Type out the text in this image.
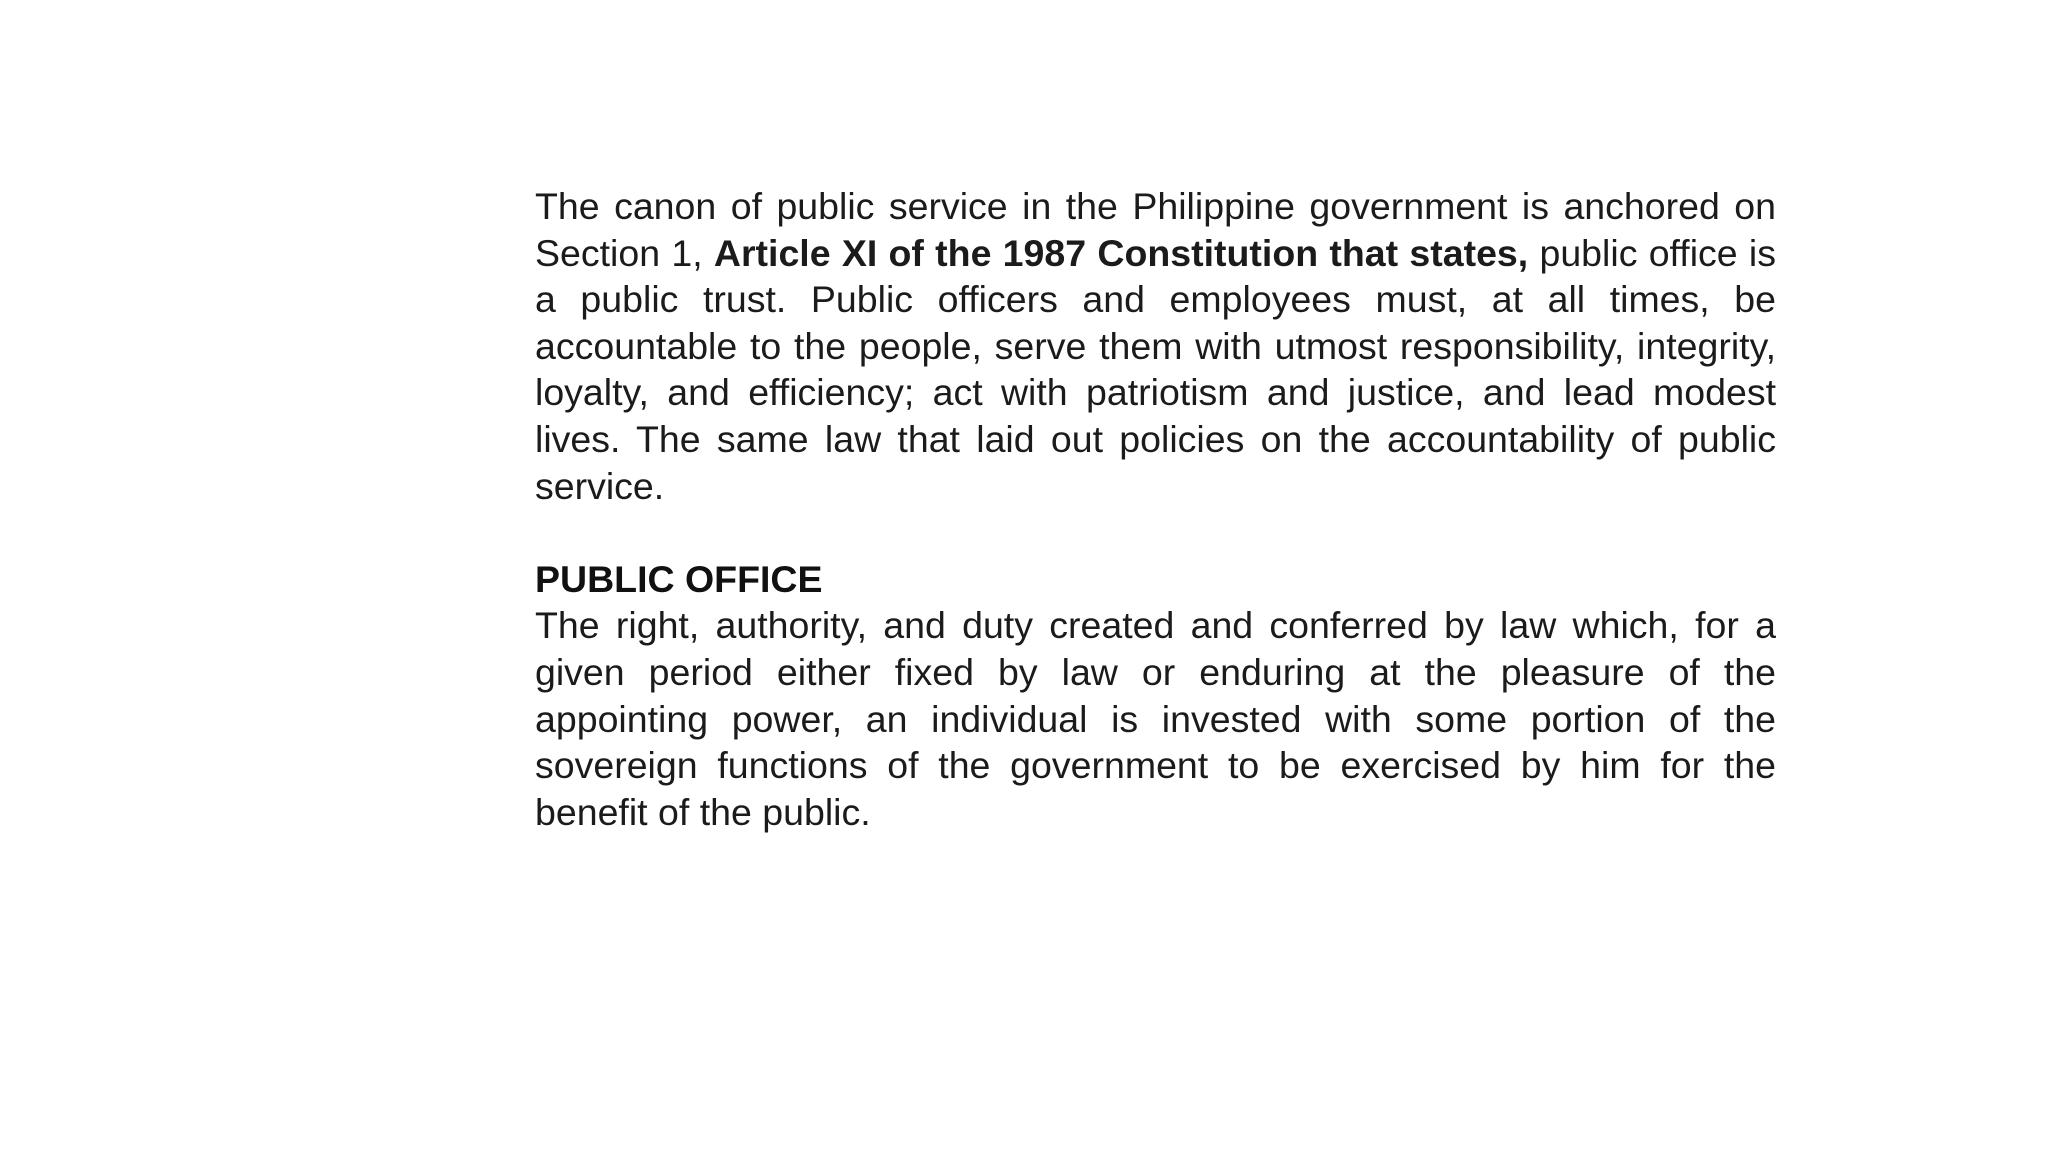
The canon of public service in the Philippine government is anchored on Section 1, Article XI of the 1987 Constitution that states, public office is a public trust. Public officers and employees must, at all times, be accountable to the people, serve them with utmost responsibility, integrity, loyalty, and efficiency; act with patriotism and justice, and lead modest lives. The same law that laid out policies on the accountability of public service.

PUBLIC OFFICE

The right, authority, and duty created and conferred by law which, for a given period either fixed by law or enduring at the pleasure of the appointing power, an individual is invested with some portion of the sovereign functions of the government to be exercised by him for the benefit of the public.
